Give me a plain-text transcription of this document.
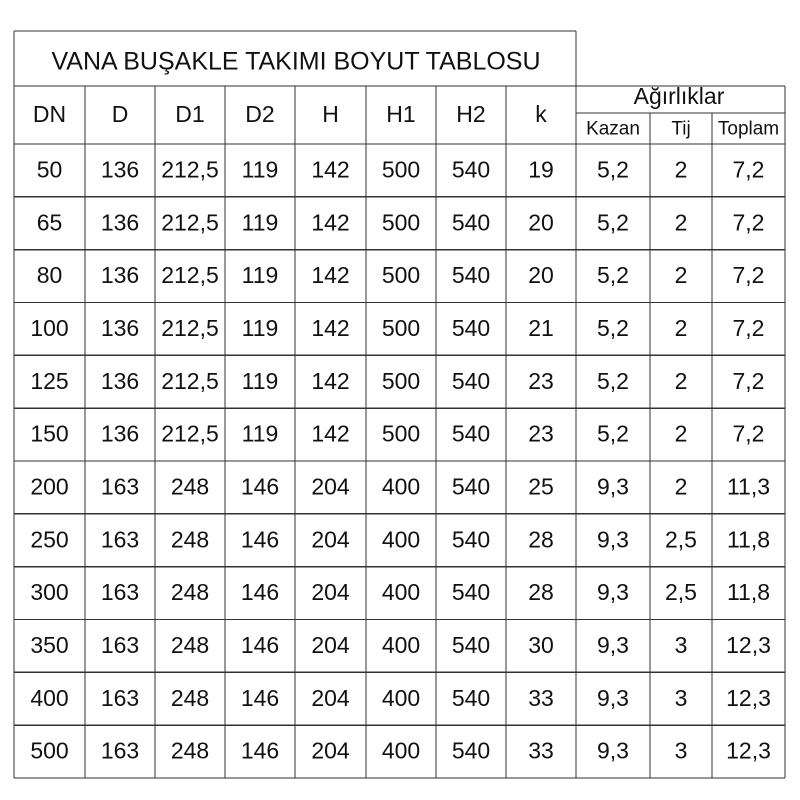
VANA BUŞAKLE TAKIMI BOYUT TABLOSU
Ağırlıklar
DN D D1 D2 H H1 H2 k
Kazan Tij Toplam
50 136 212,5 119 142 500 540 19 5,2 2 7,2
65 136 212,5 119 142 500 540 20 5,2 2 7,2
80 136 212,5 119 142 500 540 20 5,2 2 7,2
100 136 212,5 119 142 500 540 21 5,2 2 7,2
125 136 212,5 119 142 500 540 23 5,2 2 7,2
150 136 212,5 119 142 500 540 23 5,2 2 7,2
200 163 248 146 204 400 540 25 9,3 2 11,3
250 163 248 146 204 400 540 28 9,3 2,5 11,8
300 163 248 146 204 400 540 28 9,3 2,5 11,8
350 163 248 146 204 400 540 30 9,3 3 12,3
400 163 248 146 204 400 540 33 9,3 3 12,3
500 163 248 146 204 400 540 33 9,3 3 12,3
